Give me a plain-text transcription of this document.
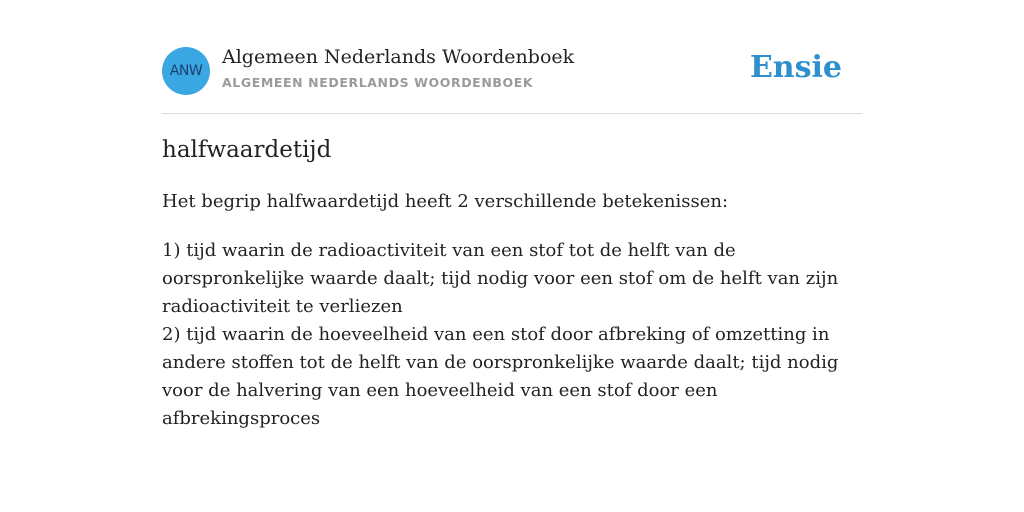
ANW
Algemeen Nederlands Woordenboek
ALGEMEEN NEDERLANDS WOORDENBOEK	Ensie
halfwaardetijd

Het begrip halfwaardetijd heeft 2 verschillende betekenissen:

1) tijd waarin de radioactiviteit van een stof tot de helft van de oorspronkelijke waarde daalt; tijd nodig voor een stof om de helft van zijn radioactiviteit te verliezen

2) tijd waarin de hoeveelheid van een stof door afbreking of omzetting in andere stoffen tot de helft van de oorspronkelijke waarde daalt; tijd nodig voor de halvering van een hoeveelheid van een stof door een afbrekingsproces
